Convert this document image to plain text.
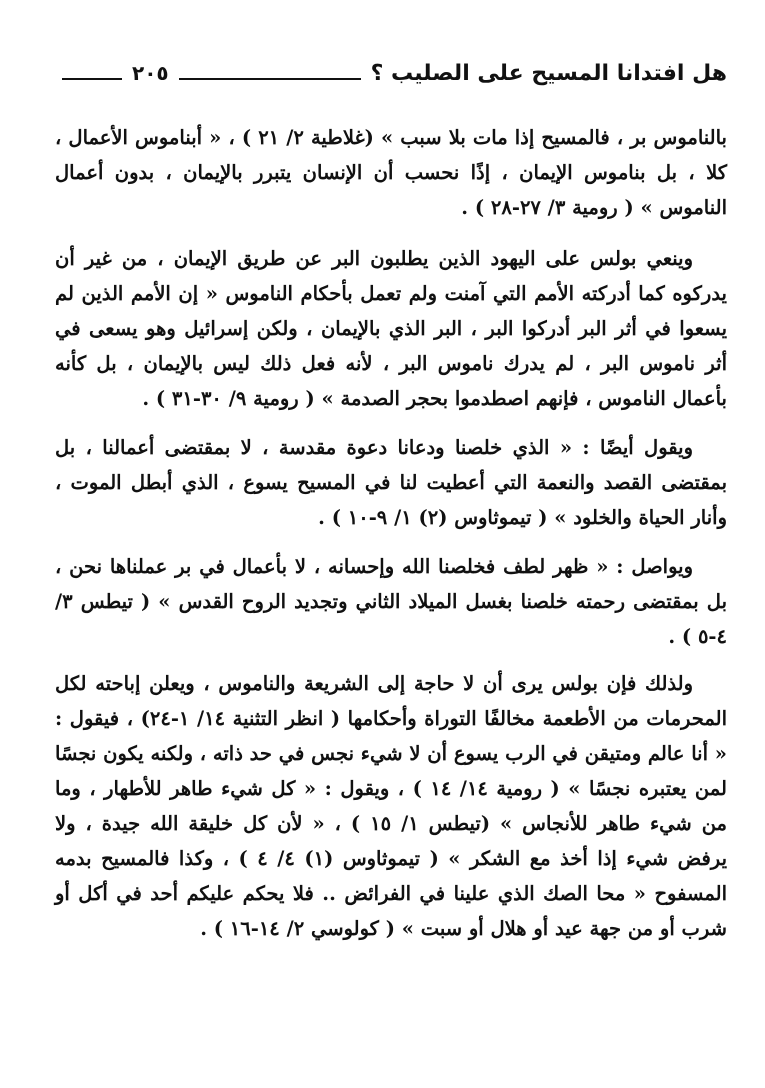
هل افتدانا المسيح على الصليب ؟
٢٠٥

بالناموس بر ، فالمسيح إذا مات بلا سبب » (غلاطية ٢/ ٢١ ) ، « أبناموس الأعمال ، كلا ، بل بناموس الإيمان ، إذًا نحسب أن الإنسان يتبرر بالإيمان ، بدون أعمال الناموس » ( رومية ٣/ ٢٧-٢٨ ) .

وينعي بولس على اليهود الذين يطلبون البر عن طريق الإيمان ، من غير أن يدركوه كما أدركته الأمم التي آمنت ولم تعمل بأحكام الناموس « إن الأمم الذين لم يسعوا في أثر البر أدركوا البر ، البر الذي بالإيمان ، ولكن إسرائيل وهو يسعى في أثر ناموس البر ، لم يدرك ناموس البر ، لأنه فعل ذلك ليس بالإيمان ، بل كأنه بأعمال الناموس ، فإنهم اصطدموا بحجر الصدمة » ( رومية ٩/ ٣٠-٣١ ) .

ويقول أيضًا : « الذي خلصنا ودعانا دعوة مقدسة ، لا بمقتضى أعمالنا ، بل بمقتضى القصد والنعمة التي أعطيت لنا في المسيح يسوع ، الذي أبطل الموت ، وأنار الحياة والخلود » ( تيموثاوس (٢) ١/ ٩-١٠ ) .

ويواصل : « ظهر لطف فخلصنا الله وإحسانه ، لا بأعمال في بر عملناها نحن ، بل بمقتضى رحمته خلصنا بغسل الميلاد الثاني وتجديد الروح القدس » ( تيطس ٣/ ٤-٥ ) .

ولذلك فإن بولس يرى أن لا حاجة إلى الشريعة والناموس ، ويعلن إباحته لكل المحرمات من الأطعمة مخالفًا التوراة وأحكامها ( انظر التثنية ١٤/ ١-٢٤) ، فيقول : « أنا عالم ومتيقن في الرب يسوع أن لا شيء نجس في حد ذاته ، ولكنه يكون نجسًا لمن يعتبره نجسًا » ( رومية ١٤/ ١٤ ) ، ويقول : « كل شيء طاهر للأطهار ، وما من شيء طاهر للأنجاس » (تيطس ١/ ١٥ ) ، « لأن كل خليقة الله جيدة ، ولا يرفض شيء إذا أخذ مع الشكر » ( تيموثاوس (١) ٤/ ٤ ) ، وكذا فالمسيح بدمه المسفوح « محا الصك الذي علينا في الفرائض .. فلا يحكم عليكم أحد في أكل أو شرب أو من جهة عيد أو هلال أو سبت » ( كولوسي ٢/ ١٤-١٦ ) .
